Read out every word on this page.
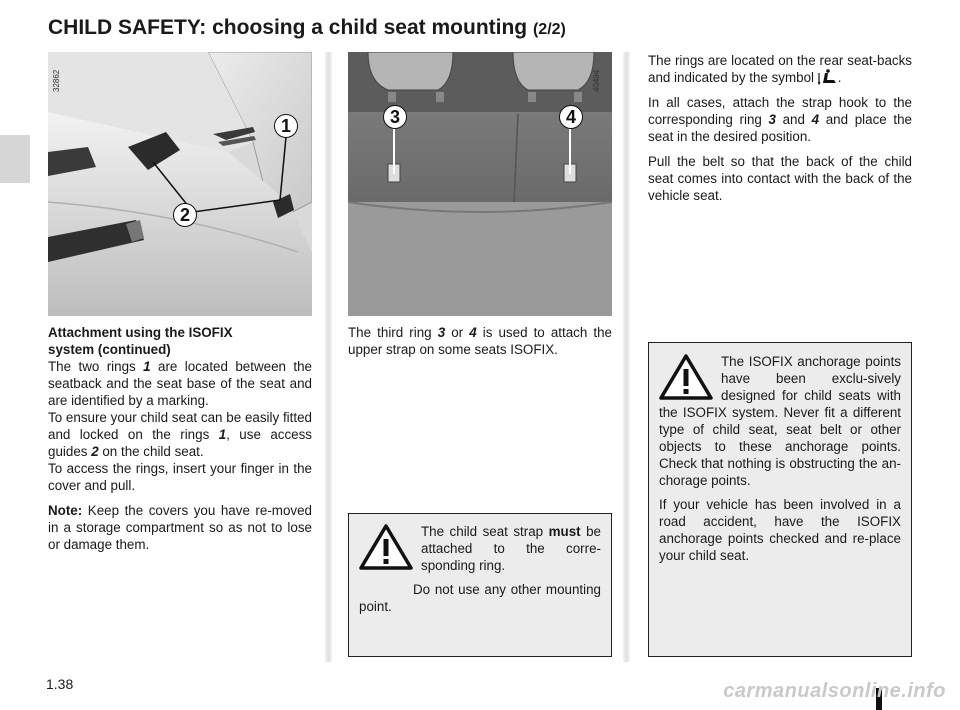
CHILD SAFETY: choosing a child seat mounting (2/2)
32862
1
2
3	4
40494
Attachment using the ISOFIX
system (continued)
The two rings 1 are located between the seatback and the seat base of the seat and are identified by a marking.
To ensure your child seat can be easily fitted and locked on the rings 1, use access guides 2 on the child seat.

To access the rings, insert your finger in the cover and pull.

Note: Keep the covers you have re-moved in a storage compartment so as not to lose or damage them.

The third ring 3 or 4 is used to attach the upper strap on some seats ISOFIX.

The child seat strap must be attached to the corre-sponding ring.

Do not use any other mounting point.

The rings are located on the rear seat-backs and indicated by the symbol .

In all cases, attach the strap hook to the corresponding ring 3 and 4 and place the seat in the desired position.

Pull the belt so that the back of the child seat comes into contact with the back of the vehicle seat.

The ISOFIX anchorage points have been exclu-sively designed for child seats with the ISOFIX system. Never fit a different type of child seat, seat belt or other objects to these anchorage points. Check that nothing is obstructing the an-chorage points.

If your vehicle has been involved in a road accident, have the ISOFIX anchorage points checked and re-place your child seat.

1.38	carmanualsonline.info
